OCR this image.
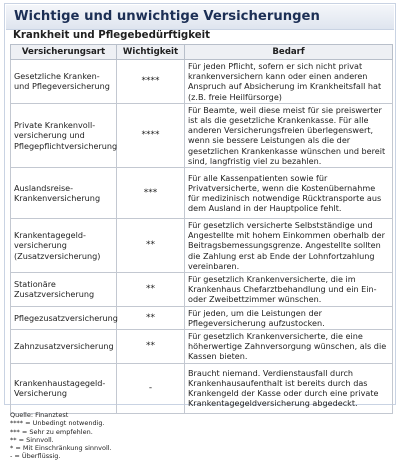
Wichtige und unwichtige Versicherungen
Krankheit und Pflegebedürftigkeit
Versicherungsart	Wichtigkeit	Bedarf
Gesetzliche Kranken- und Pflegeversicherung	****	Für jeden Pflicht, sofern er sich nicht privat krankenversichern kann oder einen anderen Anspruch auf Absicherung im Krankheitsfall hat (z.B. freie Heilfürsorge)
Private Krankenvoll-versicherung und Pflegepflichtversicherung	****	Für Beamte, weil diese meist für sie preiswerter ist als die gesetzliche Krankenkasse. Für alle anderen Versicherungsfreien überlegenswert, wenn sie bessere Leistungen als die der gesetzlichen Krankenkasse wünschen und bereit sind, langfristig viel zu bezahlen.
Auslandsreise-Krankenversicherung	***	Für alle Kassenpatienten sowie für Privatversicherte, wenn die Kostenübernahme für medizinisch notwendige Rücktransporte aus dem Ausland in der Hauptpolice fehlt.
Krankentagegeld-versicherung (Zusatzversicherung)	**	Für gesetzlich versicherte Selbstständige und Angestellte mit hohem Einkommen oberhalb der Beitragsbemessungsgrenze. Angestellte sollten die Zahlung erst ab Ende der Lohnfortzahlung vereinbaren.
Stationäre Zusatzversicherung	**	Für gesetzlich Krankenversicherte, die im Krankenhaus Chefarztbehandlung und ein Ein- oder Zweibettzimmer wünschen.
Pflegezusatzversicherung	**	Für jeden, um die Leistungen der Pflegeversicherung aufzustocken.
Zahnzusatzversicherung	**	Für gesetzlich Krankenversicherte, die eine höherwertige Zahnversorgung wünschen, als die Kassen bieten.
Krankenhaustagegeld-Versicherung	-	Braucht niemand. Verdienstausfall durch Krankenhausaufenthalt ist bereits durch das Krankengeld der Kasse oder durch eine private Krankentagegeldversicherung abgedeckt.
Quelle: Finanztest
**** = Unbedingt notwendig.
*** = Sehr zu empfehlen.
** = Sinnvoll.
* = Mit Einschränkung sinnvoll.
- = Überflüssig.
